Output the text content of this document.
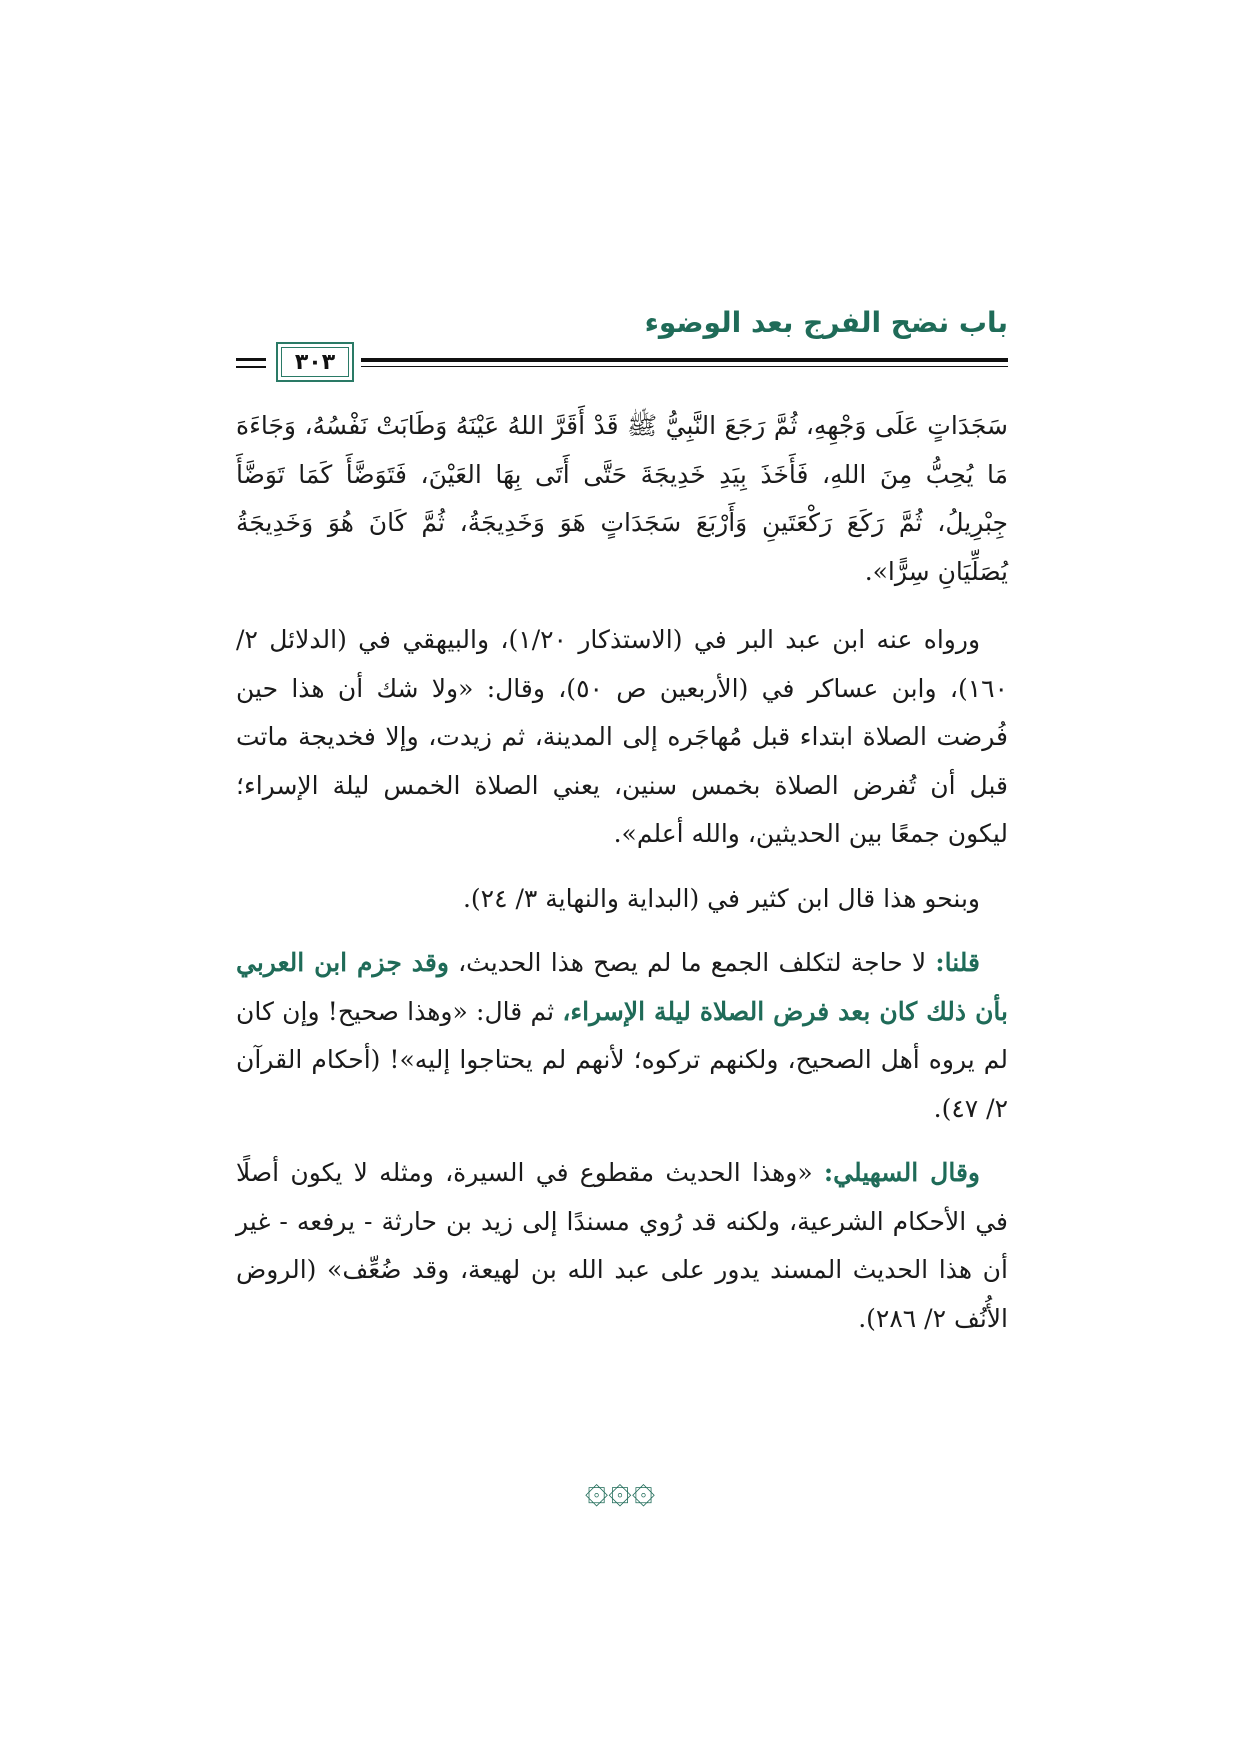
باب نضح الفرج بعد الوضوء
٣٠٣

سَجَدَاتٍ عَلَى وَجْهِهِ، ثُمَّ رَجَعَ النَّبِيُّ ﷺ قَدْ أَقَرَّ اللهُ عَيْنَهُ وَطَابَتْ نَفْسُهُ، وَجَاءَهَ مَا يُحِبُّ مِنَ اللهِ، فَأَخَذَ بِيَدِ خَدِيجَةَ حَتَّى أَتَى بِهَا العَيْنَ، فَتَوَضَّأَ كَمَا تَوَضَّأَ جِبْرِيلُ، ثُمَّ رَكَعَ رَكْعَتَينِ وَأَرْبَعَ سَجَدَاتٍ هَوَ وَخَدِيجَةُ، ثُمَّ كَانَ هُوَ وَخَدِيجَةُ يُصَلِّيَانِ سِرًّا».

ورواه عنه ابن عبد البر في (الاستذكار ١/٢٠)، والبيهقي في (الدلائل ٢/ ١٦٠)، وابن عساكر في (الأربعين ص ٥٠)، وقال: «ولا شك أن هذا حين فُرضت الصلاة ابتداء قبل مُهاجَره إلى المدينة، ثم زيدت، وإلا فخديجة ماتت قبل أن تُفرض الصلاة بخمس سنين، يعني الصلاة الخمس ليلة الإسراء؛ ليكون جمعًا بين الحديثين، والله أعلم».

وبنحو هذا قال ابن كثير في (البداية والنهاية ٣/ ٢٤).

قلنا: لا حاجة لتكلف الجمع ما لم يصح هذا الحديث، وقد جزم ابن العربي بأن ذلك كان بعد فرض الصلاة ليلة الإسراء، ثم قال: «وهذا صحيح! وإن كان لم يروه أهل الصحيح، ولكنهم تركوه؛ لأنهم لم يحتاجوا إليه»! (أحكام القرآن ٢/ ٤٧).

وقال السهيلي: «وهذا الحديث مقطوع في السيرة، ومثله لا يكون أصلًا في الأحكام الشرعية، ولكنه قد رُوي مسندًا إلى زيد بن حارثة - يرفعه - غير أن هذا الحديث المسند يدور على عبد الله بن لهيعة، وقد ضُعِّف» (الروض الأُنُف ٢/ ٢٨٦).

۞۞۞
